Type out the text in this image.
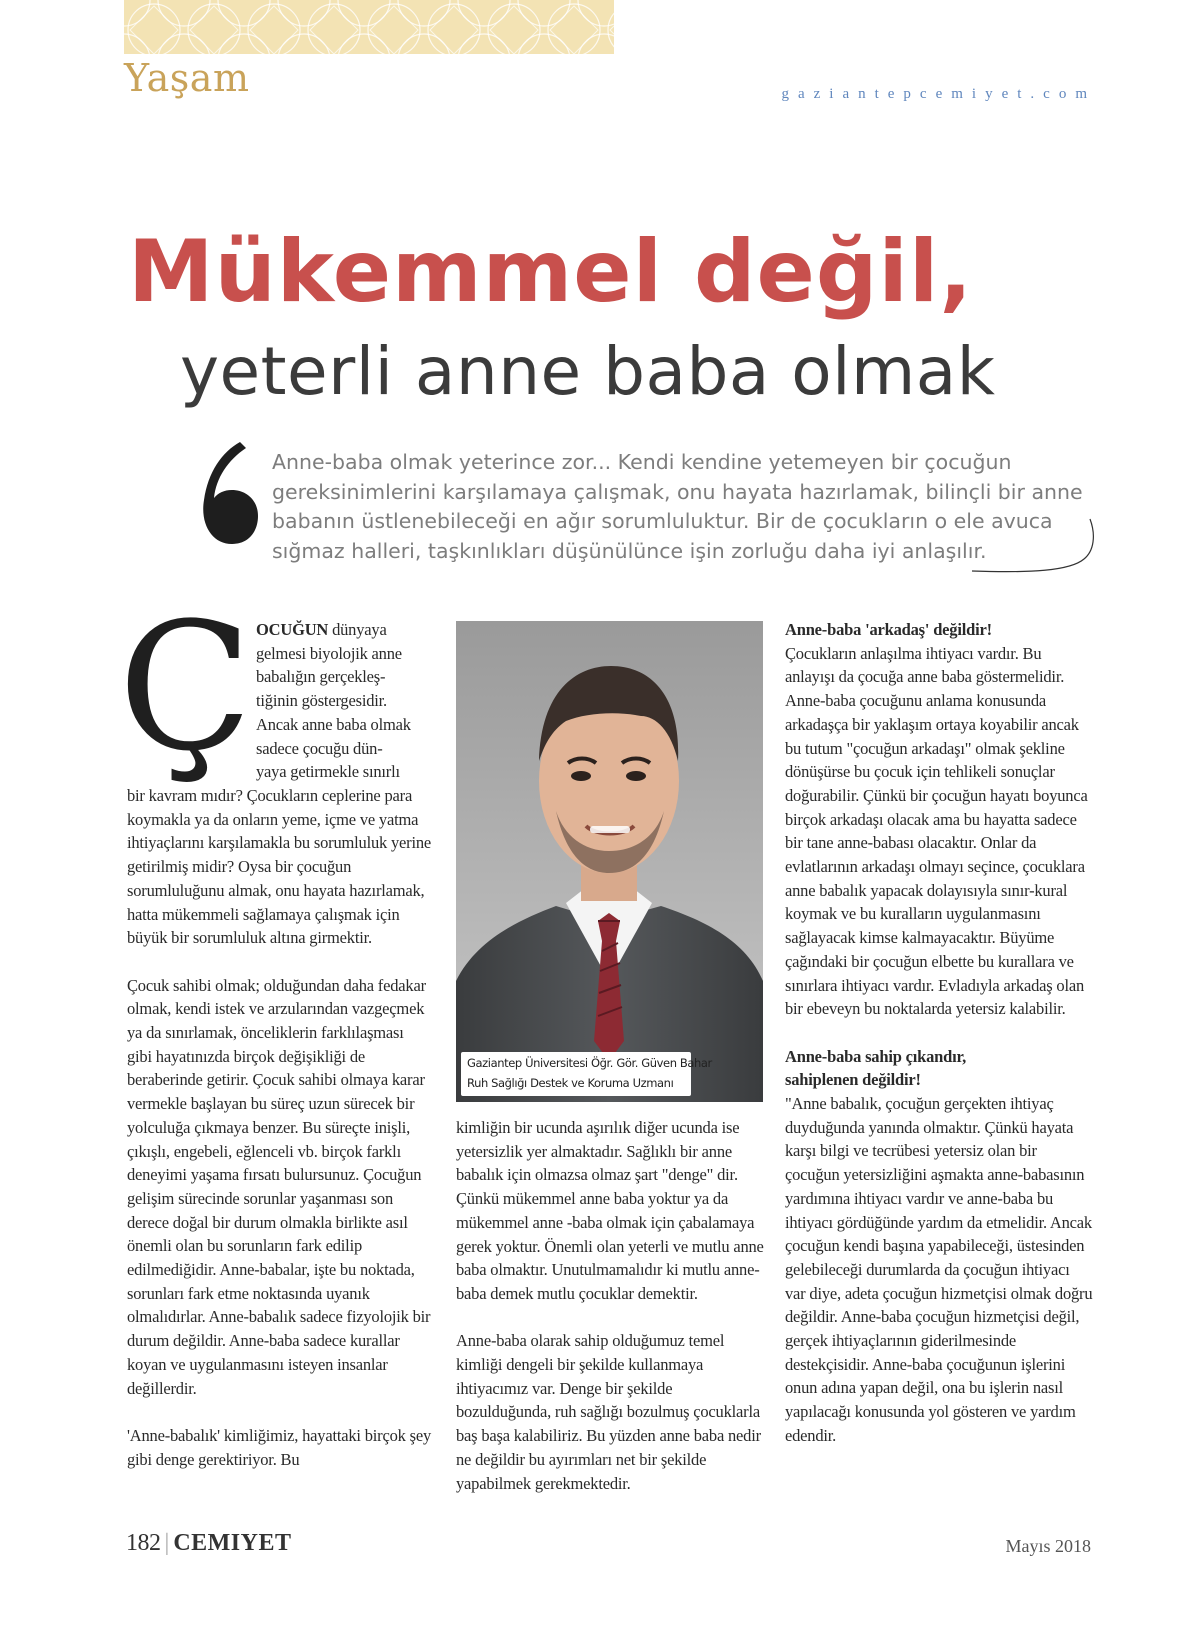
Yaşam	gaziantepcemiyet.com
Mükemmel değil,
yeterli anne baba olmak
Anne-baba olmak yeterince zor... Kendi kendine yetemeyen bir çocuğun gereksinimlerini karşılamaya çalışmak, onu hayata hazırlamak, bilinçli bir anne babanın üstlenebileceği en ağır sorumluluktur. Bir de çocukların o ele avuca sığmaz halleri, taşkınlıkları düşünülünce işin zorluğu daha iyi anlaşılır.
Ç OCUĞUN dünyaya

gelmesi biyolojik anne

babalığın gerçekleş-

tiğinin göstergesidir.

Ancak anne baba olmak

sadece çocuğu dün-

yaya getirmekle sınırlı

bir kavram mıdır? Çocukların ceplerine para koymakla ya da onların yeme, içme ve yatma ihtiyaçlarını karşılamakla bu sorumluluk yerine getirilmiş midir? Oysa bir çocuğun sorumluluğunu almak, onu hayata hazırlamak, hatta mükemmeli sağlamaya çalışmak için büyük bir sorumluluk altına girmektir.

Çocuk sahibi olmak; olduğundan daha fedakar olmak, kendi istek ve arzularından vazgeçmek ya da sınırlamak, önceliklerin farklılaşması gibi hayatınızda birçok değişikliği de beraberinde getirir. Çocuk sahibi olmaya karar vermekle başlayan bu süreç uzun sürecek bir yolculuğa çıkmaya benzer. Bu süreçte inişli, çıkışlı, engebeli, eğlenceli vb. birçok farklı deneyimi yaşama fırsatı bulursunuz. Çocuğun gelişim sürecinde sorunlar yaşanması son derece doğal bir durum olmakla birlikte asıl önemli olan bu sorunların fark edilip edilmediğidir. Anne-babalar, işte bu noktada, sorunları fark etme noktasında uyanık olmalıdırlar. Anne-babalık sadece fizyolojik bir durum değildir. Anne-baba sadece kurallar koyan ve uygulanmasını isteyen insanlar değillerdir.

'Anne-babalık' kimliğimiz, hayattaki birçok şey gibi denge gerektiriyor. Bu

Gaziantep Üniversitesi Öğr. Gör. Güven Bahar
Ruh Sağlığı Destek ve Koruma Uzmanı

kimliğin bir ucunda aşırılık diğer ucunda ise yetersizlik yer almaktadır. Sağlıklı bir anne babalık için olmazsa olmaz şart "denge" dir. Çünkü mükemmel anne baba yoktur ya da mükemmel anne -baba olmak için çabalamaya gerek yoktur. Önemli olan yeterli ve mutlu anne baba olmaktır. Unutulmamalıdır ki mutlu anne-baba demek mutlu çocuklar demektir.

Anne-baba olarak sahip olduğumuz temel kimliği dengeli bir şekilde kullanmaya ihtiyacımız var. Denge bir şekilde bozulduğunda, ruh sağlığı bozulmuş çocuklarla baş başa kalabiliriz. Bu yüzden anne baba nedir ne değildir bu ayırımları net bir şekilde yapabilmek gerekmektedir.

Anne-baba 'arkadaş' değildir!

Çocukların anlaşılma ihtiyacı vardır. Bu anlayışı da çocuğa anne baba göstermelidir. Anne-baba çocuğunu anlama konusunda arkadaşça bir yaklaşım ortaya koyabilir ancak bu tutum "çocuğun arkadaşı" olmak şekline dönüşürse bu çocuk için tehlikeli sonuçlar doğurabilir. Çünkü bir çocuğun hayatı boyunca birçok arkadaşı olacak ama bu hayatta sadece bir tane anne-babası olacaktır. Onlar da evlatlarının arkadaşı olmayı seçince, çocuklara anne babalık yapacak dolayısıyla sınır-kural koymak ve bu kuralların uygulanmasını sağlayacak kimse kalmayacaktır. Büyüme çağındaki bir çocuğun elbette bu kurallara ve sınırlara ihtiyacı vardır. Evladıyla arkadaş olan bir ebeveyn bu noktalarda yetersiz kalabilir.

Anne-baba sahip çıkandır,

sahiplenen değildir!

"Anne babalık, çocuğun gerçekten ihtiyaç duyduğunda yanında olmaktır. Çünkü hayata karşı bilgi ve tecrübesi yetersiz olan bir çocuğun yetersizliğini aşmakta anne-babasının yardımına ihtiyacı vardır ve anne-baba bu ihtiyacı gördüğünde yardım da etmelidir. Ancak çocuğun kendi başına yapabileceği, üstesinden gelebileceği durumlarda da çocuğun ihtiyacı var diye, adeta çocuğun hizmetçisi olmak doğru değildir. Anne-baba çocuğun hizmetçisi değil, gerçek ihtiyaçlarının giderilmesinde destekçisidir. Anne-baba çocuğunun işlerini onun adına yapan değil, ona bu işlerin nasıl yapılacağı konusunda yol gösteren ve yardım edendir.

182 | CEMIYET	Mayıs 2018
